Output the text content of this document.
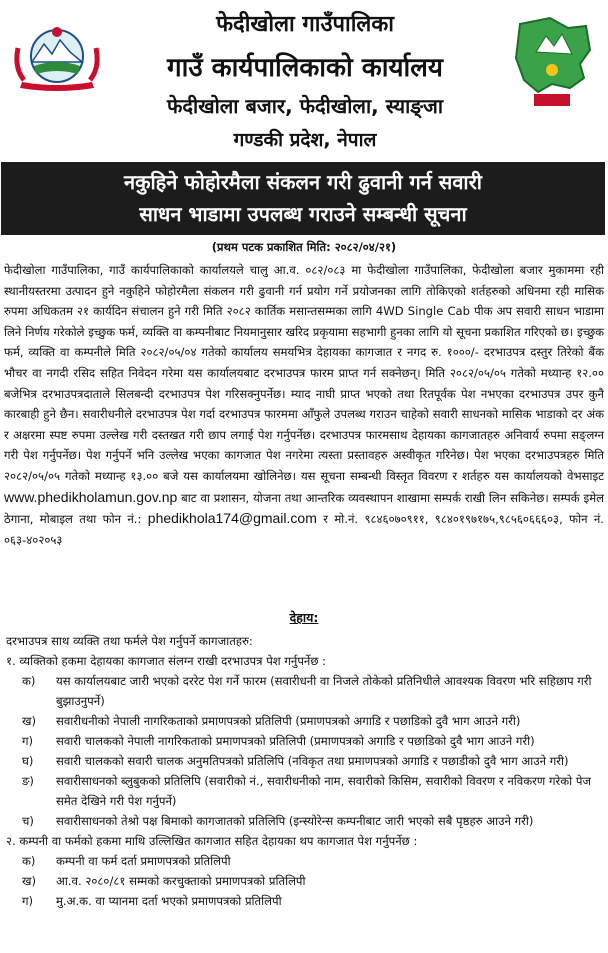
फेदीखोला गाउँपालिका
गाउँ कार्यपालिकाको कार्यालय
फेदीखोला बजार, फेदीखोला, स्याङ्जा
गण्डकी प्रदेश, नेपाल
नकुहिने फोहोरमैला संकलन गरी ढुवानी गर्न सवारी
साधन भाडामा उपलब्ध गराउने सम्बन्धी सूचना
(प्रथम पटक प्रकाशित मिति: २०८२/०४/२१)
फेदीखोला गाउँपालिका, गाउँ कार्यपालिकाको कार्यालयले चालु आ.व. ०८२/०८३ मा फेदीखोला गाउँपालिका, फेदीखोला बजार मुकाममा रही स्थानीयस्तरमा उत्पादन हुने नकुहिने फोहोरमैला संकलन गरी ढुवानी गर्न प्रयोग गर्ने प्रयोजनका लागि तोकिएको शर्तहरुको अधिनमा रही मासिक रुपमा अधिकतम २१ कार्यदिन संचालन हुने गरी मिति २०८२ कार्तिक मसान्तसम्मका लागि 4WD Single Cab पीक अप सवारी साधन भाडामा लिने निर्णय गरेकोले इच्छुक फर्म, व्यक्ति वा कम्पनीबाट नियमानुसार खरिद प्रकृयामा सहभागी हुनका लागि यो सूचना प्रकाशित गरिएको छ। इच्छुक फर्म, व्यक्ति वा कम्पनीले मिति २०८२/०५/०४ गतेको कार्यालय समयभित्र देहायका कागजात र नगद रु. १०००/- दरभाउपत्र दस्तुर तिरेको बैंक भौचर वा नगदी रसिद सहित निवेदन गरेमा यस कार्यालयबाट दरभाउपत्र फारम प्राप्त गर्न सक्नेछन्। मिति २०८२/०५/०५ गतेको मध्यान्ह १२.०० बजेभित्र दरभाउपत्रदाताले सिलबन्दी दरभाउपत्र पेश गरिसक्नुपर्नेछ। म्याद नाघी प्राप्त भएको तथा रितपूर्वक पेश नभएका दरभाउपत्र उपर कुनै कारबाही हुने छैन। सवारीधनीले दरभाउपत्र पेश गर्दा दरभाउपत्र फारममा आँफुले उपलब्ध गराउन चाहेको सवारी साधनको मासिक भाडाको दर अंक र अक्षरमा स्पष्ट रुपमा उल्लेख गरी दस्तखत गरी छाप लगाई पेश गर्नुपर्नेछ। दरभाउपत्र फारमसाथ देहायका कागजातहरु अनिवार्य रुपमा सङ्लग्न गरी पेश गर्नुपर्नेछ। पेश गर्नुपर्ने भनि उल्लेख भएका कागजात पेश नगरेमा त्यस्ता प्रस्तावहरु अस्वीकृत गरिनेछ। पेश भएका दरभाउपत्रहरु मिति २०८२/०५/०५ गतेको मध्यान्ह १३.०० बजे यस कार्यालयमा खोलिनेछ। यस सूचना सम्बन्धी विस्तृत विवरण र शर्तहरु यस कार्यालयको वेभसाइट www.phedikholamun.gov.np बाट वा प्रशासन, योजना तथा आन्तरिक व्यवस्थापन शाखामा सम्पर्क राखी लिन सकिनेछ। सम्पर्क इमेल ठेगाना, मोबाइल तथा फोन नं.: phedikhola174@gmail.com र मो.नं. ९८४६०७०९११, ९८४०१९७१७५,९८५६०६६६०३, फोन नं. ०६३-४०२०५३
देहाय:
दरभाउपत्र साथ व्यक्ति तथा फर्मले पेश गर्नुपर्ने कागजातहरु:
१. व्यक्तिको हकमा देहायका कागजात संलग्न राखी दरभाउपत्र पेश गर्नुपर्नेछ :
क)	यस कार्यालयबाट जारी भएको दररेट पेश गर्ने फारम (सवारीधनी वा निजले तोकेको प्रतिनिधीले आवश्यक विवरण भरि सहिछाप गरी बुझाउनुपर्ने)
ख)	सवारीधनीको नेपाली नागरिकताको प्रमाणपत्रको प्रतिलिपी (प्रमाणपत्रको अगाडि र पछाडिको दुवै भाग आउने गरी)
ग)	सवारी चालकको नेपाली नागरिकताको प्रमाणपत्रको प्रतिलिपी (प्रमाणपत्रको अगाडि र पछाडिको दुवै भाग आउने गरी)
घ)	सवारी चालकको सवारी चालक अनुमतिपत्रको प्रतिलिपि (नविकृत तथा प्रमाणपत्रको अगाडि र पछाडीको दुवै भाग आउने गरी)
ङ)	सवारीसाधनको ब्लुबुकको प्रतिलिपि (सवारीको नं., सवारीधनीको नाम, सवारीको किसिम, सवारीको विवरण र नविकरण गरेको पेज समेत देखिने गरी पेश गर्नुपर्ने)
च)	सवारीसाधनको तेश्रो पक्ष बिमाको कागजातको प्रतिलिपि (इन्स्योरेन्स कम्पनीबाट जारी भएको सबै पृष्ठहरु आउने गरी)
२. कम्पनी वा फर्मको हकमा माथि उल्लिखित कागजात सहित देहायका थप कागजात पेश गर्नुपर्नेछ :
क)	कम्पनी वा फर्म दर्ता प्रमाणपत्रको प्रतिलिपी
ख)	आ.व. २०८०/८१ सम्मको करचुक्ताको प्रमाणपत्रको प्रतिलिपी
ग)	मु.अ.क. वा प्यानमा दर्ता भएको प्रमाणपत्रको प्रतिलिपी
